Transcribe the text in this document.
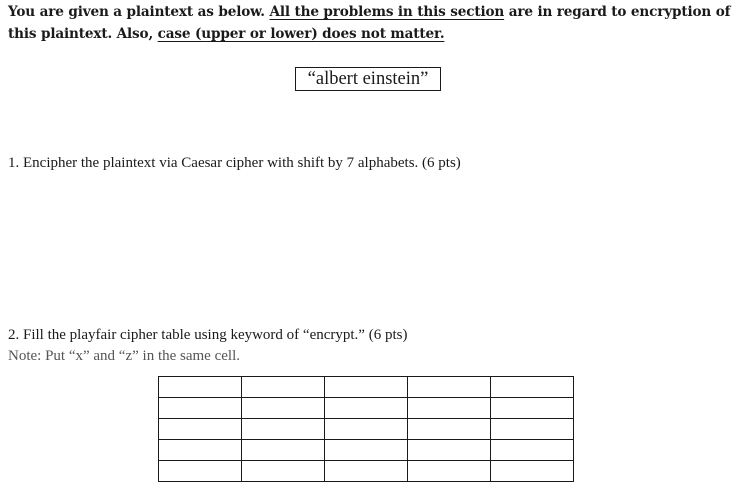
You are given a plaintext as below. All the problems in this section are in regard to encryption of this plaintext. Also, case (upper or lower) does not matter.
“albert einstein”
1. Encipher the plaintext via Caesar cipher with shift by 7 alphabets. (6 pts)
2. Fill the playfair cipher table using keyword of “encrypt.” (6 pts)
Note: Put “x” and “z” in the same cell.
